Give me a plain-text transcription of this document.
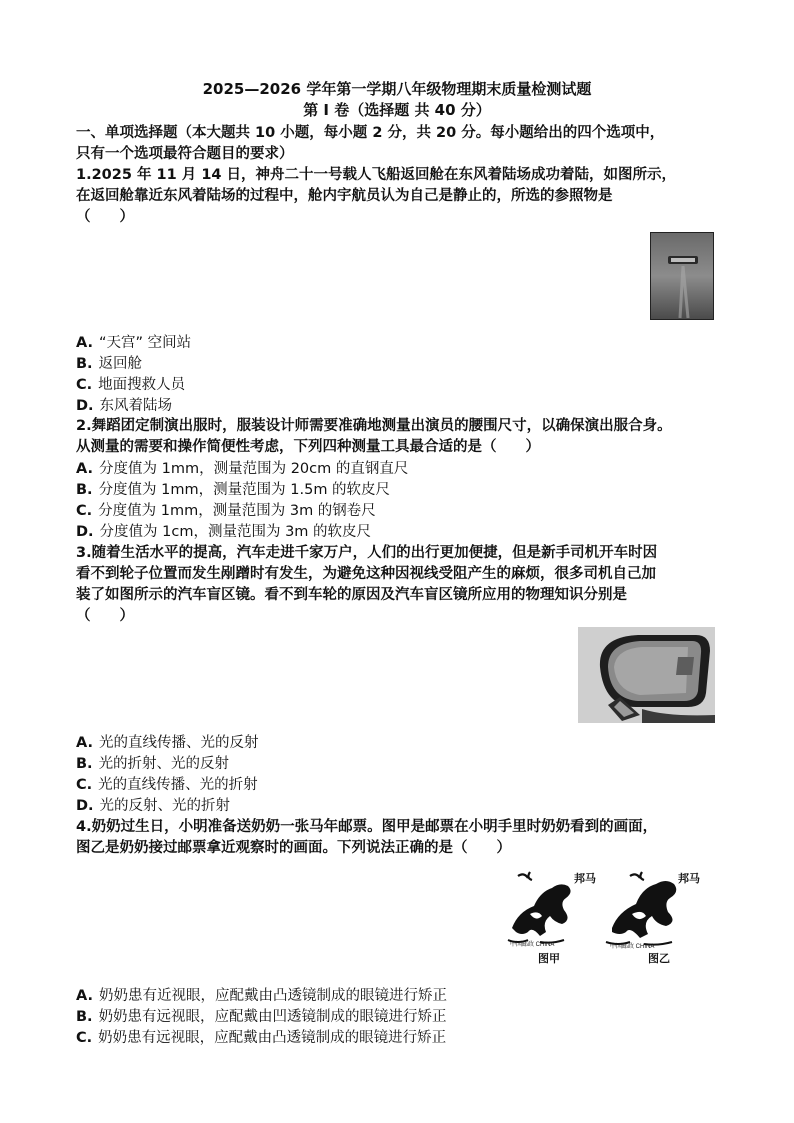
2025—2026 学年第一学期八年级物理期末质量检测试题
第 Ⅰ 卷（选择题 共 40 分）
一、单项选择题（本大题共 10 小题，每小题 2 分，共 20 分。每小题给出的四个选项中，
只有一个选项最符合题目的要求）
1.2025 年 11 月 14 日，神舟二十一号载人飞船返回舱在东风着陆场成功着陆，如图所示，
在返回舱靠近东风着陆场的过程中，舱内宇航员认为自己是静止的，所选的参照物是
（　　）
A. “天宫” 空间站
B. 返回舱
C. 地面搜救人员
D. 东风着陆场
2.舞蹈团定制演出服时，服装设计师需要准确地测量出演员的腰围尺寸，以确保演出服合身。
从测量的需要和操作简便性考虑，下列四种测量工具最合适的是（　　）
A. 分度值为 1mm，测量范围为 20cm 的直钢直尺
B. 分度值为 1mm，测量范围为 1.5m 的软皮尺
C. 分度值为 1mm，测量范围为 3m 的钢卷尺
D. 分度值为 1cm，测量范围为 3m 的软皮尺
3.随着生活水平的提高，汽车走进千家万户，人们的出行更加便捷，但是新手司机开车时因
看不到轮子位置而发生剐蹭时有发生，为避免这种因视线受阻产生的麻烦，很多司机自己加
装了如图所示的汽车盲区镜。看不到车轮的原因及汽车盲区镜所应用的物理知识分别是
（　　）
A. 光的直线传播、光的反射
B. 光的折射、光的反射
C. 光的直线传播、光的折射
D. 光的反射、光的折射
4.奶奶过生日，小明准备送奶奶一张马年邮票。图甲是邮票在小明手里时奶奶看到的画面，
图乙是奶奶接过邮票拿近观察时的画面。下列说法正确的是（　　）
邦马
中国邮政 CHINA
图甲
邦马
中国邮政 CHINA
图乙
A. 奶奶患有近视眼，应配戴由凸透镜制成的眼镜进行矫正
B. 奶奶患有远视眼，应配戴由凹透镜制成的眼镜进行矫正
C. 奶奶患有远视眼，应配戴由凸透镜制成的眼镜进行矫正
